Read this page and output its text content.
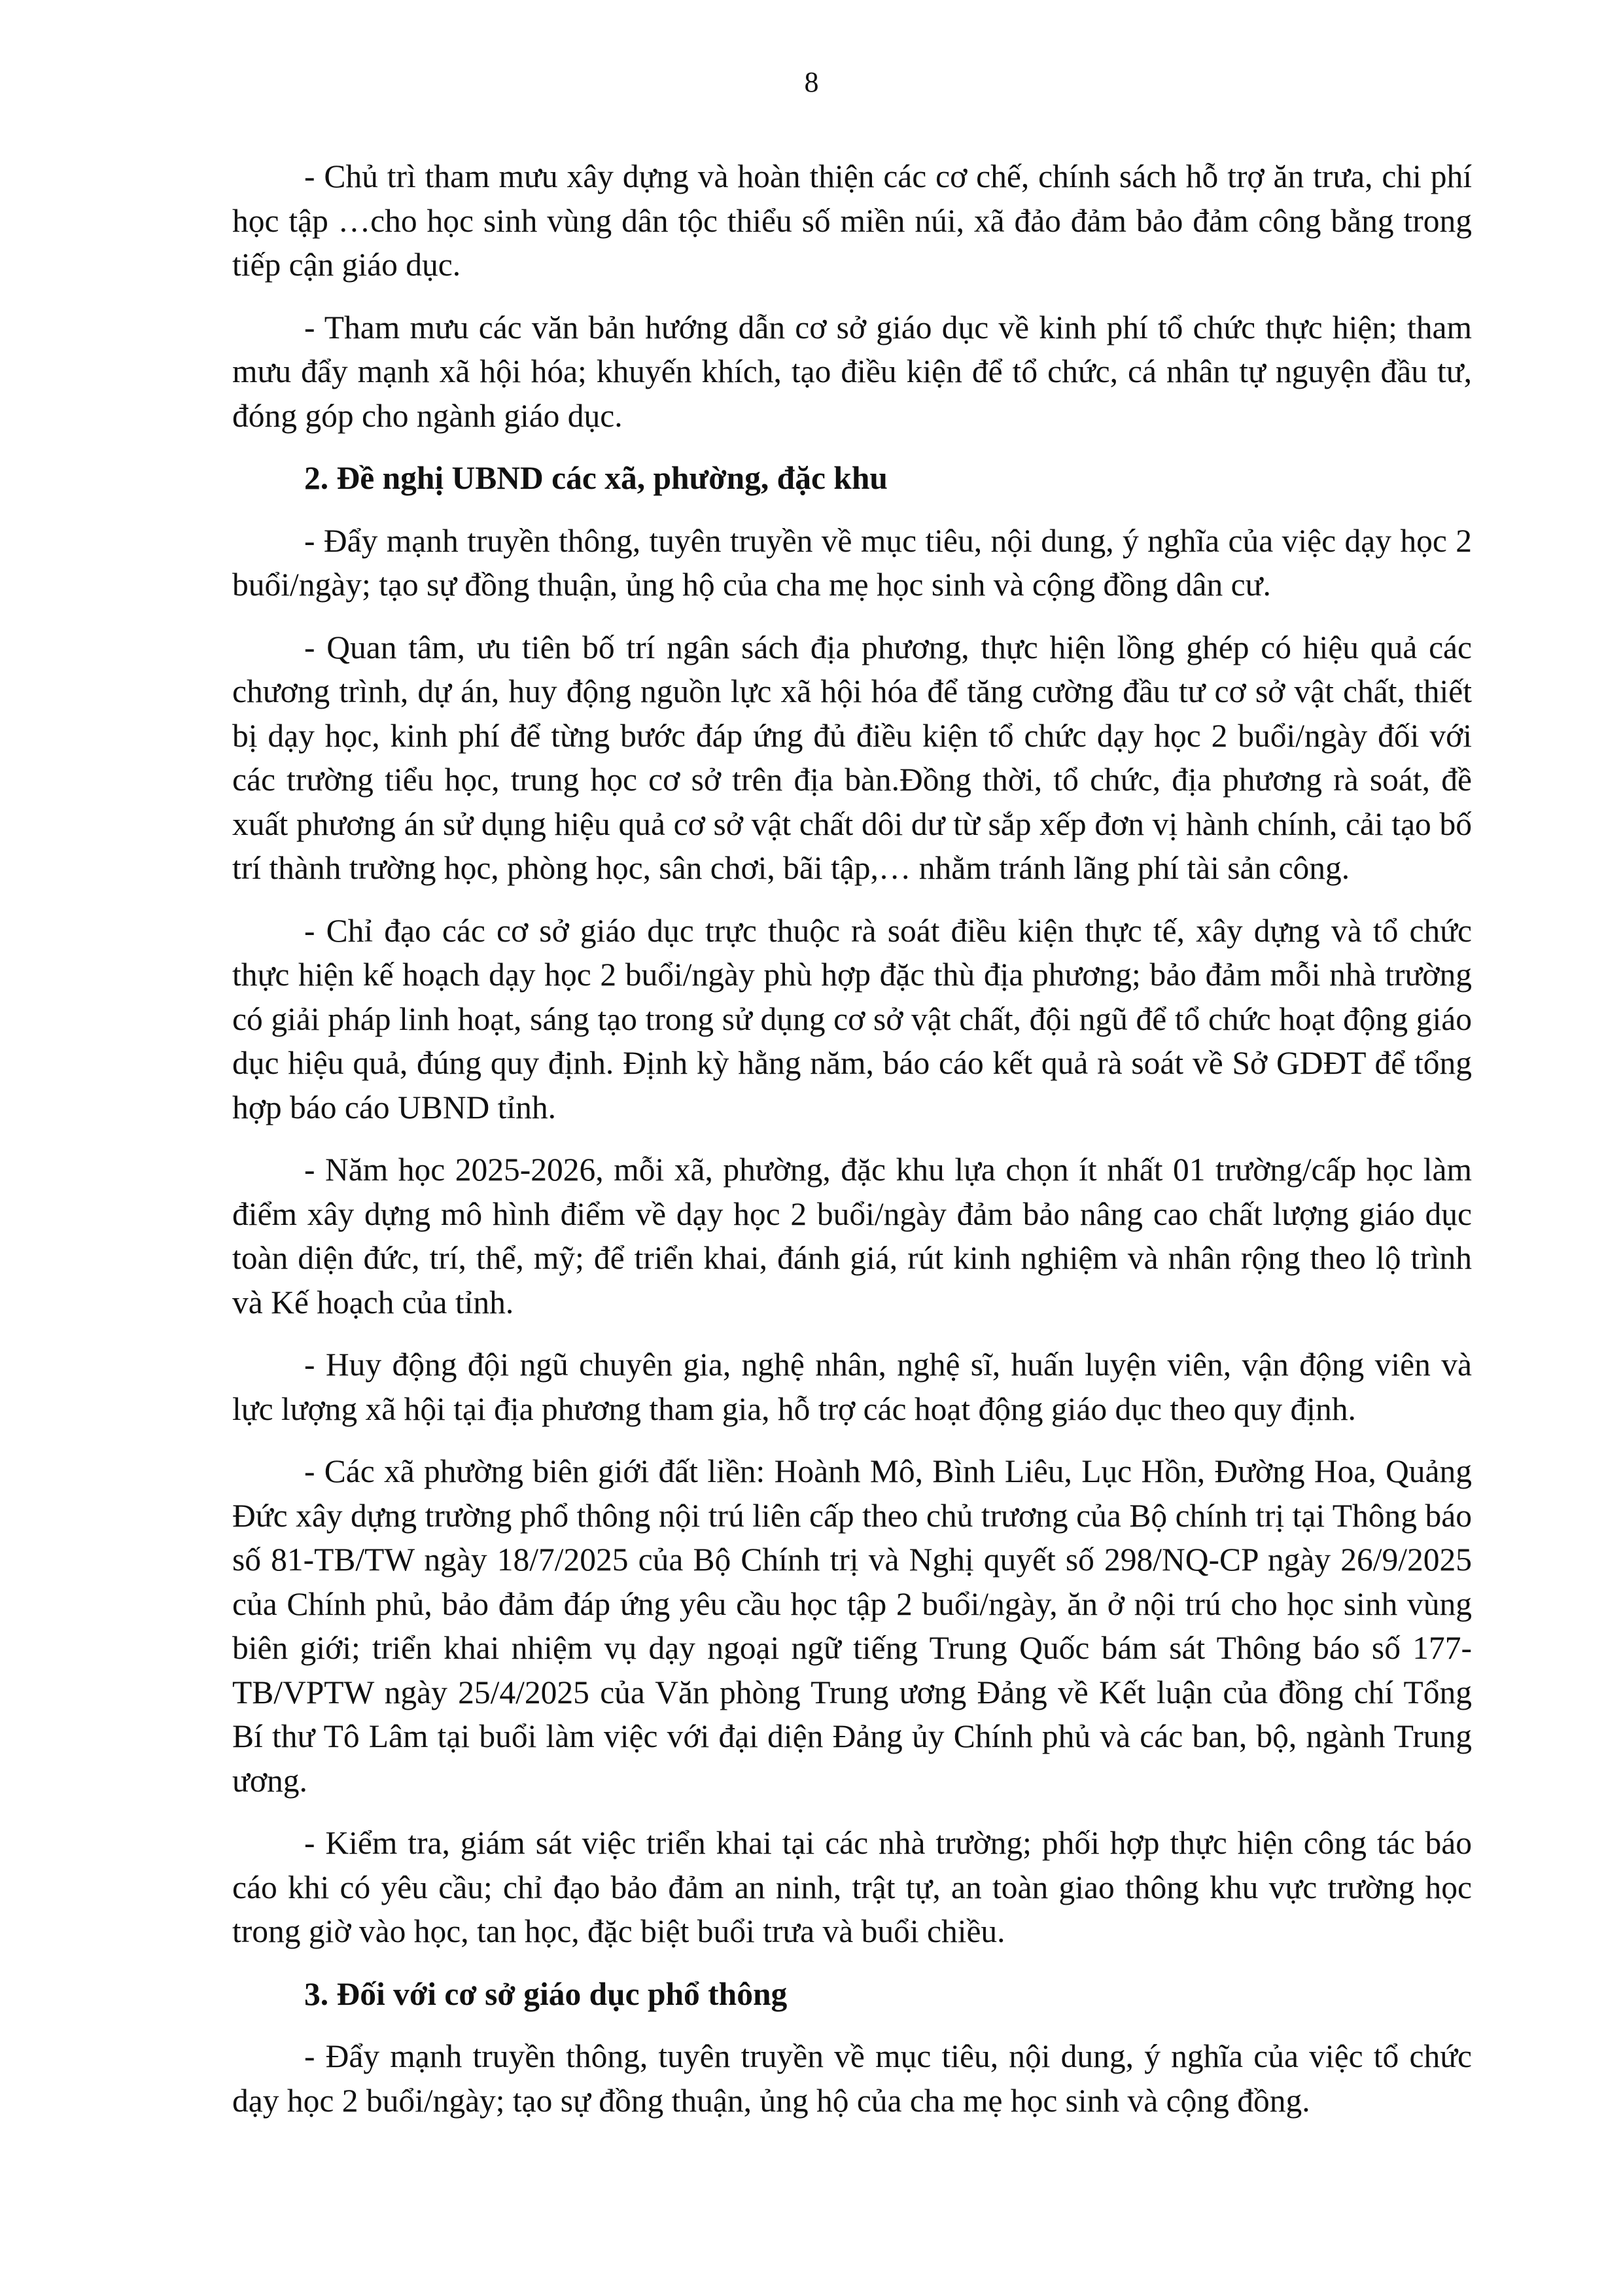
8

- Chủ trì tham mưu xây dựng và hoàn thiện các cơ chế, chính sách hỗ trợ ăn trưa, chi phí học tập …cho học sinh vùng dân tộc thiểu số miền núi, xã đảo đảm bảo đảm công bằng trong tiếp cận giáo dục.

- Tham mưu các văn bản hướng dẫn cơ sở giáo dục về kinh phí tổ chức thực hiện; tham mưu đẩy mạnh xã hội hóa; khuyến khích, tạo điều kiện để tổ chức, cá nhân tự nguyện đầu tư, đóng góp cho ngành giáo dục.

2. Đề nghị UBND các xã, phường, đặc khu

- Đẩy mạnh truyền thông, tuyên truyền về mục tiêu, nội dung, ý nghĩa của việc dạy học 2 buổi/ngày; tạo sự đồng thuận, ủng hộ của cha mẹ học sinh và cộng đồng dân cư.

- Quan tâm, ưu tiên bố trí ngân sách địa phương, thực hiện lồng ghép có hiệu quả các chương trình, dự án, huy động nguồn lực xã hội hóa để tăng cường đầu tư cơ sở vật chất, thiết bị dạy học, kinh phí để từng bước đáp ứng đủ điều kiện tổ chức dạy học 2 buổi/ngày đối với các trường tiểu học, trung học cơ sở trên địa bàn.Đồng thời, tổ chức, địa phương rà soát, đề xuất phương án sử dụng hiệu quả cơ sở vật chất dôi dư từ sắp xếp đơn vị hành chính, cải tạo bố trí thành trường học, phòng học, sân chơi, bãi tập,… nhằm tránh lãng phí tài sản công.

- Chỉ đạo các cơ sở giáo dục trực thuộc rà soát điều kiện thực tế, xây dựng và tổ chức thực hiện kế hoạch dạy học 2 buổi/ngày phù hợp đặc thù địa phương; bảo đảm mỗi nhà trường có giải pháp linh hoạt, sáng tạo trong sử dụng cơ sở vật chất, đội ngũ để tổ chức hoạt động giáo dục hiệu quả, đúng quy định. Định kỳ hằng năm, báo cáo kết quả rà soát về Sở GDĐT để tổng hợp báo cáo UBND tỉnh.

- Năm học 2025-2026, mỗi xã, phường, đặc khu lựa chọn ít nhất 01 trường/cấp học làm điểm xây dựng mô hình điểm về dạy học 2 buổi/ngày đảm bảo nâng cao chất lượng giáo dục toàn diện đức, trí, thể, mỹ; để triển khai, đánh giá, rút kinh nghiệm và nhân rộng theo lộ trình và Kế hoạch của tỉnh.

- Huy động đội ngũ chuyên gia, nghệ nhân, nghệ sĩ, huấn luyện viên, vận động viên và lực lượng xã hội tại địa phương tham gia, hỗ trợ các hoạt động giáo dục theo quy định.

- Các xã phường biên giới đất liền: Hoành Mô, Bình Liêu, Lục Hồn, Đường Hoa, Quảng Đức xây dựng trường phổ thông nội trú liên cấp theo chủ trương của Bộ chính trị tại Thông báo số 81-TB/TW ngày 18/7/2025 của Bộ Chính trị và Nghị quyết số 298/NQ-CP ngày 26/9/2025 của Chính phủ, bảo đảm đáp ứng yêu cầu học tập 2 buổi/ngày, ăn ở nội trú cho học sinh vùng biên giới; triển khai nhiệm vụ dạy ngoại ngữ tiếng Trung Quốc bám sát Thông báo số 177-TB/VPTW ngày 25/4/2025 của Văn phòng Trung ương Đảng về Kết luận của đồng chí Tổng Bí thư Tô Lâm tại buổi làm việc với đại diện Đảng ủy Chính phủ và các ban, bộ, ngành Trung ương.

- Kiểm tra, giám sát việc triển khai tại các nhà trường; phối hợp thực hiện công tác báo cáo khi có yêu cầu; chỉ đạo bảo đảm an ninh, trật tự, an toàn giao thông khu vực trường học trong giờ vào học, tan học, đặc biệt buổi trưa và buổi chiều.

3. Đối với cơ sở giáo dục phổ thông

- Đẩy mạnh truyền thông, tuyên truyền về mục tiêu, nội dung, ý nghĩa của việc tổ chức dạy học 2 buổi/ngày; tạo sự đồng thuận, ủng hộ của cha mẹ học sinh và cộng đồng.
